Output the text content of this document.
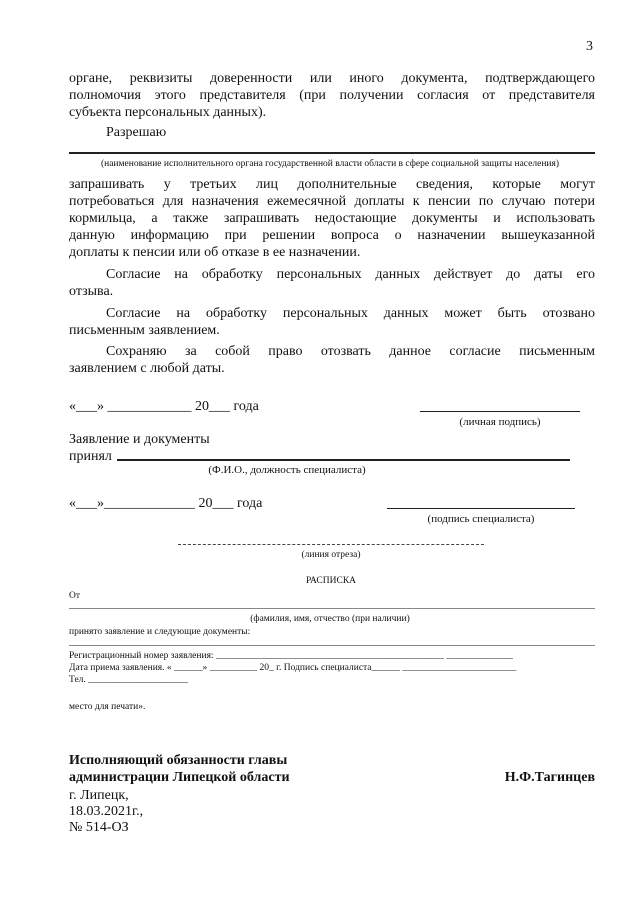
3
органе, реквизиты доверенности или иного документа, подтверждающего
полномочия этого представителя (при получении согласия от представителя
субъекта персональных данных).
Разрешаю
(наименование исполнительного органа государственной власти области в сфере социальной защиты населения)
запрашивать у третьих лиц дополнительные сведения, которые могут
потребоваться для назначения ежемесячной доплаты к пенсии по случаю потери
кормильца, а также запрашивать недостающие документы и использовать
данную информацию при решении вопроса о назначении вышеуказанной
доплаты к пенсии или об отказе в ее назначении.
Согласие на обработку персональных данных действует до даты его
отзыва.
Согласие на обработку персональных данных может быть отозвано
письменным заявлением.
Сохраняю за собой право отозвать данное согласие письменным
заявлением с любой даты.
«___» ____________ 20___ года
(личная подпись)
Заявление и документы
принял
(Ф.И.О., должность специалиста)
«___»_____________ 20___ года
(подпись специалиста)
(линия отреза)
РАСПИСКА
От
(фамилия, имя, отчество (при наличии)
принято заявление и следующие документы:
Регистрационный номер заявления: ________________________________________________ ______________
Дата приема заявления. « ______» __________ 20_ г. Подпись специалиста______ ________________________
Тел. _____________________
место для печати».
Исполняющий обязанности главы
администрации Липецкой области	Н.Ф.Тагинцев
г. Липецк,
18.03.2021г.,
№ 514-ОЗ
